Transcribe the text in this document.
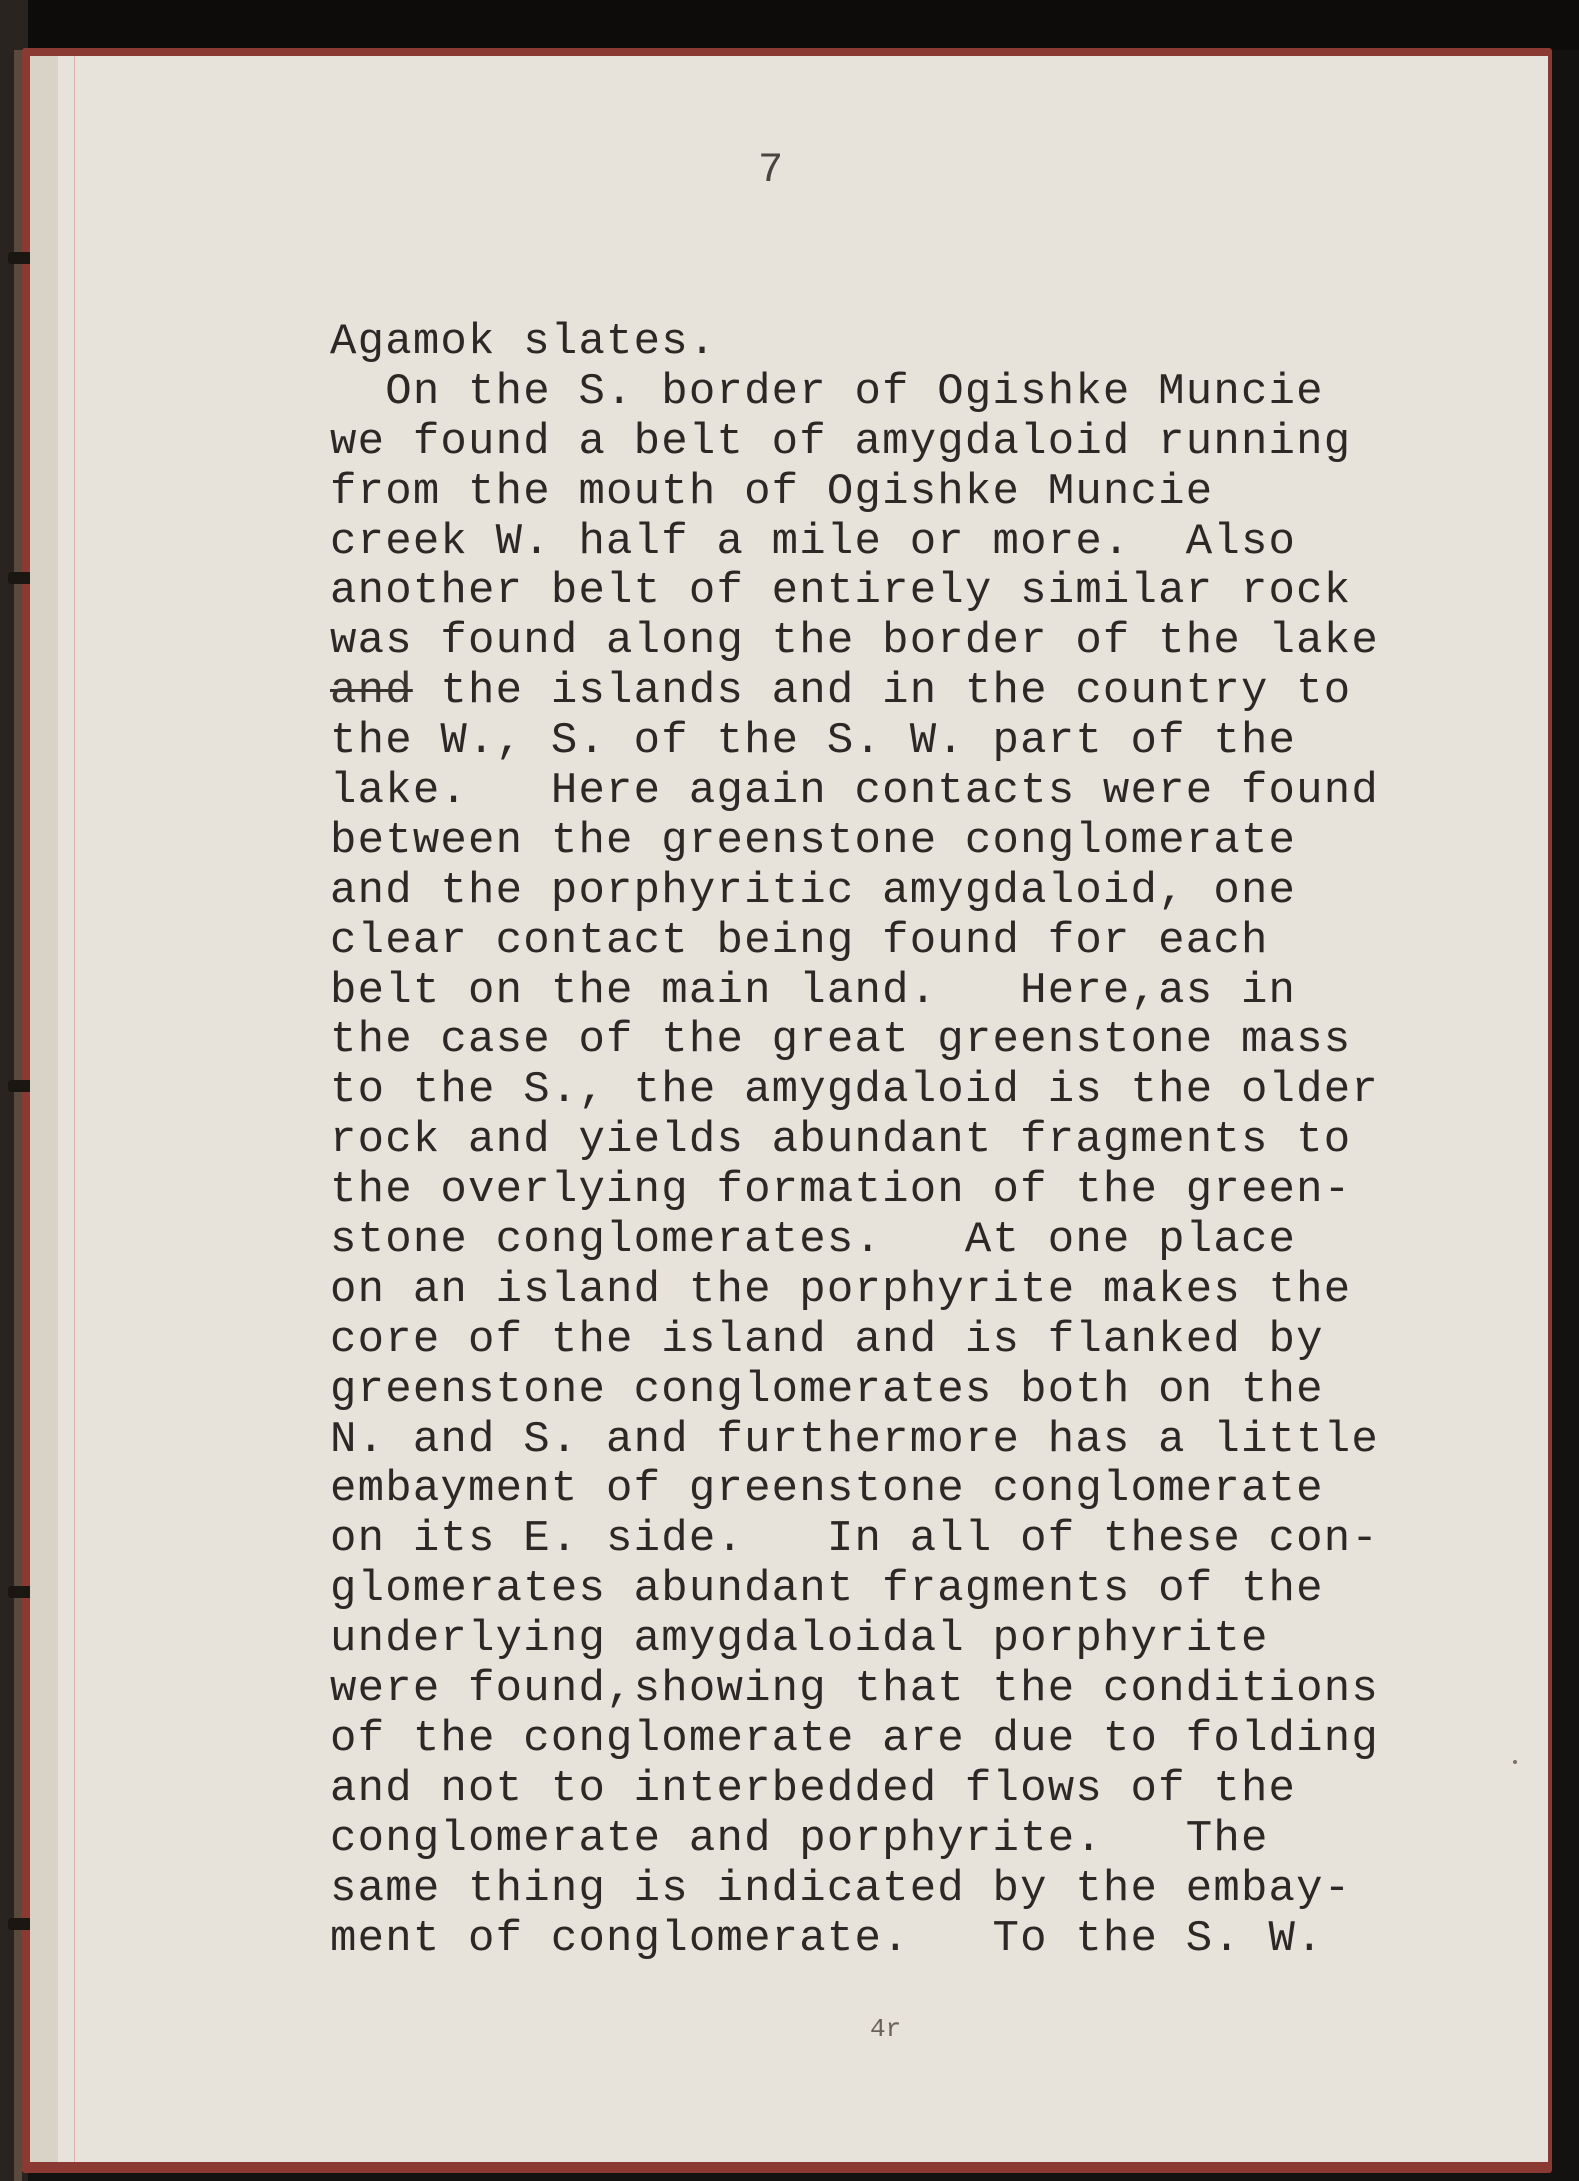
7
Agamok slates.
On the S. border of Ogishke Muncie
we found a belt of amygdaloid running
from the mouth of Ogishke Muncie
creek W. half a mile or more.  Also
another belt of entirely similar rock
was found along the border of the lake
and the islands and in the country to
the W., S. of the S. W. part of the
lake.   Here again contacts were found
between the greenstone conglomerate
and the porphyritic amygdaloid, one
clear contact being found for each
belt on the main land.   Here,as in
the case of the great greenstone mass
to the S., the amygdaloid is the older
rock and yields abundant fragments to
the overlying formation of the green-
stone conglomerates.   At one place
on an island the porphyrite makes the
core of the island and is flanked by
greenstone conglomerates both on the
N. and S. and furthermore has a little
embayment of greenstone conglomerate
on its E. side.   In all of these con-
glomerates abundant fragments of the
underlying amygdaloidal porphyrite
were found,showing that the conditions
of the conglomerate are due to folding
and not to interbedded flows of the
conglomerate and porphyrite.   The
same thing is indicated by the embay-
ment of conglomerate.   To the S. W.
4r
